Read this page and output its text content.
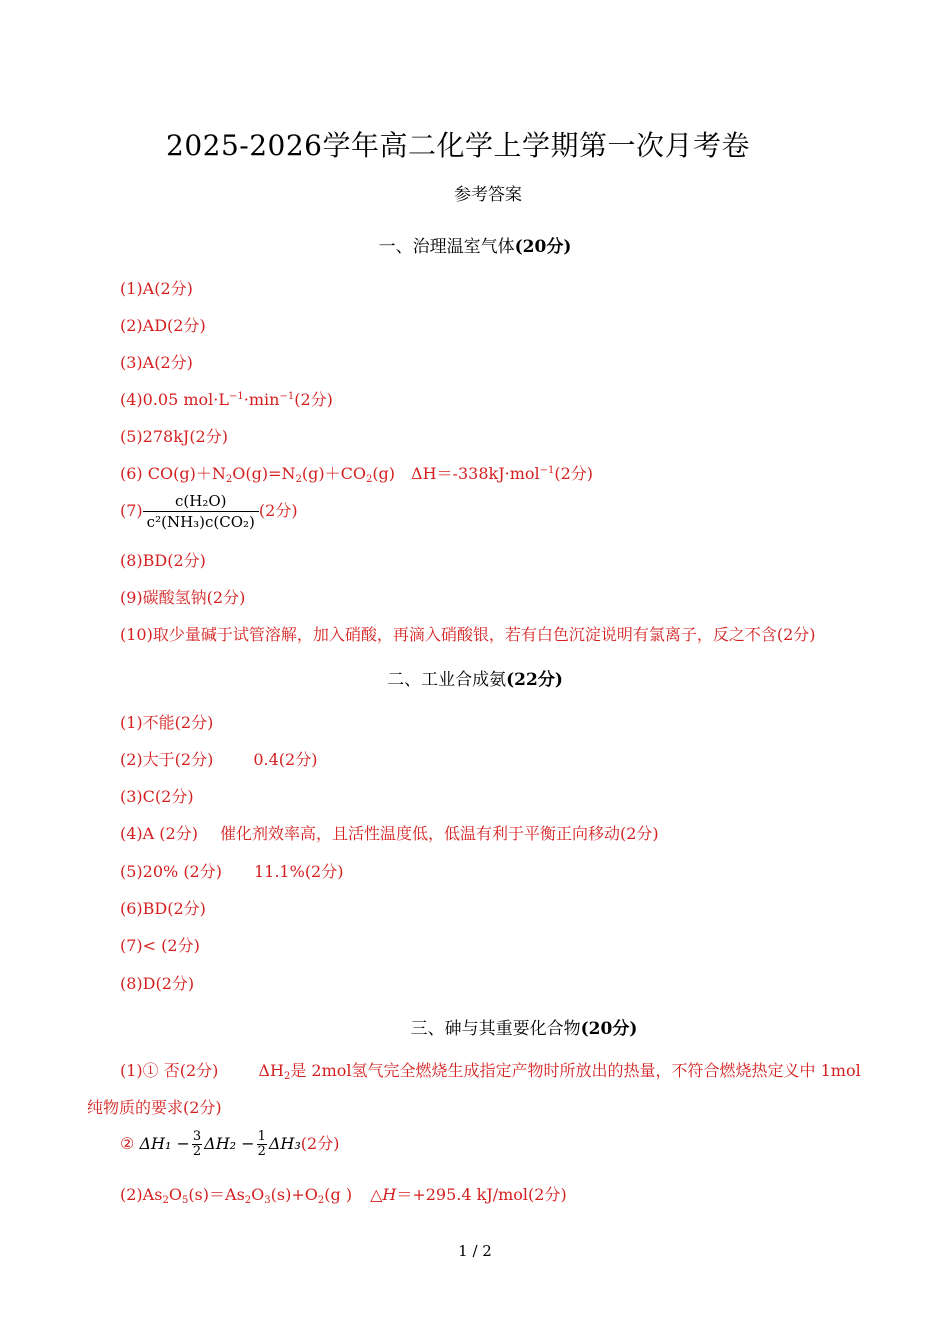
2025-2026学年高二化学上学期第一次月考卷
参考答案
一、治理温室气体(20分)
(1)A(2分)
(2)AD(2分)
(3)A(2分)
(4)0.05 $mol\cdot L^{-1}\cdot\min^{-1}(2$分)
(5)278kJ(2分)
(6) $CO(g)+N_2O(g)=N_2(g)+CO_2(g)$ ΔH＝-338kJ·mol$^{-1}$(2分)
$(7) \frac{\text{c(H₂O)}}{\text{c²(NH₃)c(CO₂)}} (2$分)
(8)BD(2分)
(9)碳酸氢钠(2分)
(10)取少量碱于试管溶解，加入硝酸，再滴入硝酸银，若有白色沉淀说明有氯离子，反之不含(2分)
二、工业合成氨(22分)
(1)不能(2分)
(2)大于(2分)	0.4(2分)
(3)C(2分)
(4)A (2分) 催化剂效率高，且活性温度低，低温有利于平衡正向移动(2分)
(5)20% (2分) 11.1%(2分)
(6)BD(2分)
(7)< (2分)
(8)D(2分)
三、砷与其重要化合物(20分)
(1)① 否(2分)	$\Delta H_2$是 2mol氢气完全燃烧生成指定产物时所放出的热量，不符合燃烧热定义中 1mol
纯物质的要求(2分)
② $\Delta H_1 - \frac{3}{2} \Delta H_2 - \frac{1}{2} \Delta H_3(2$分)
$(2)As_2O_5(s)=As_2O_3(s)+O_2(g$ ) △H＝+295.4 kJ/mol(2分)
1 / 2
